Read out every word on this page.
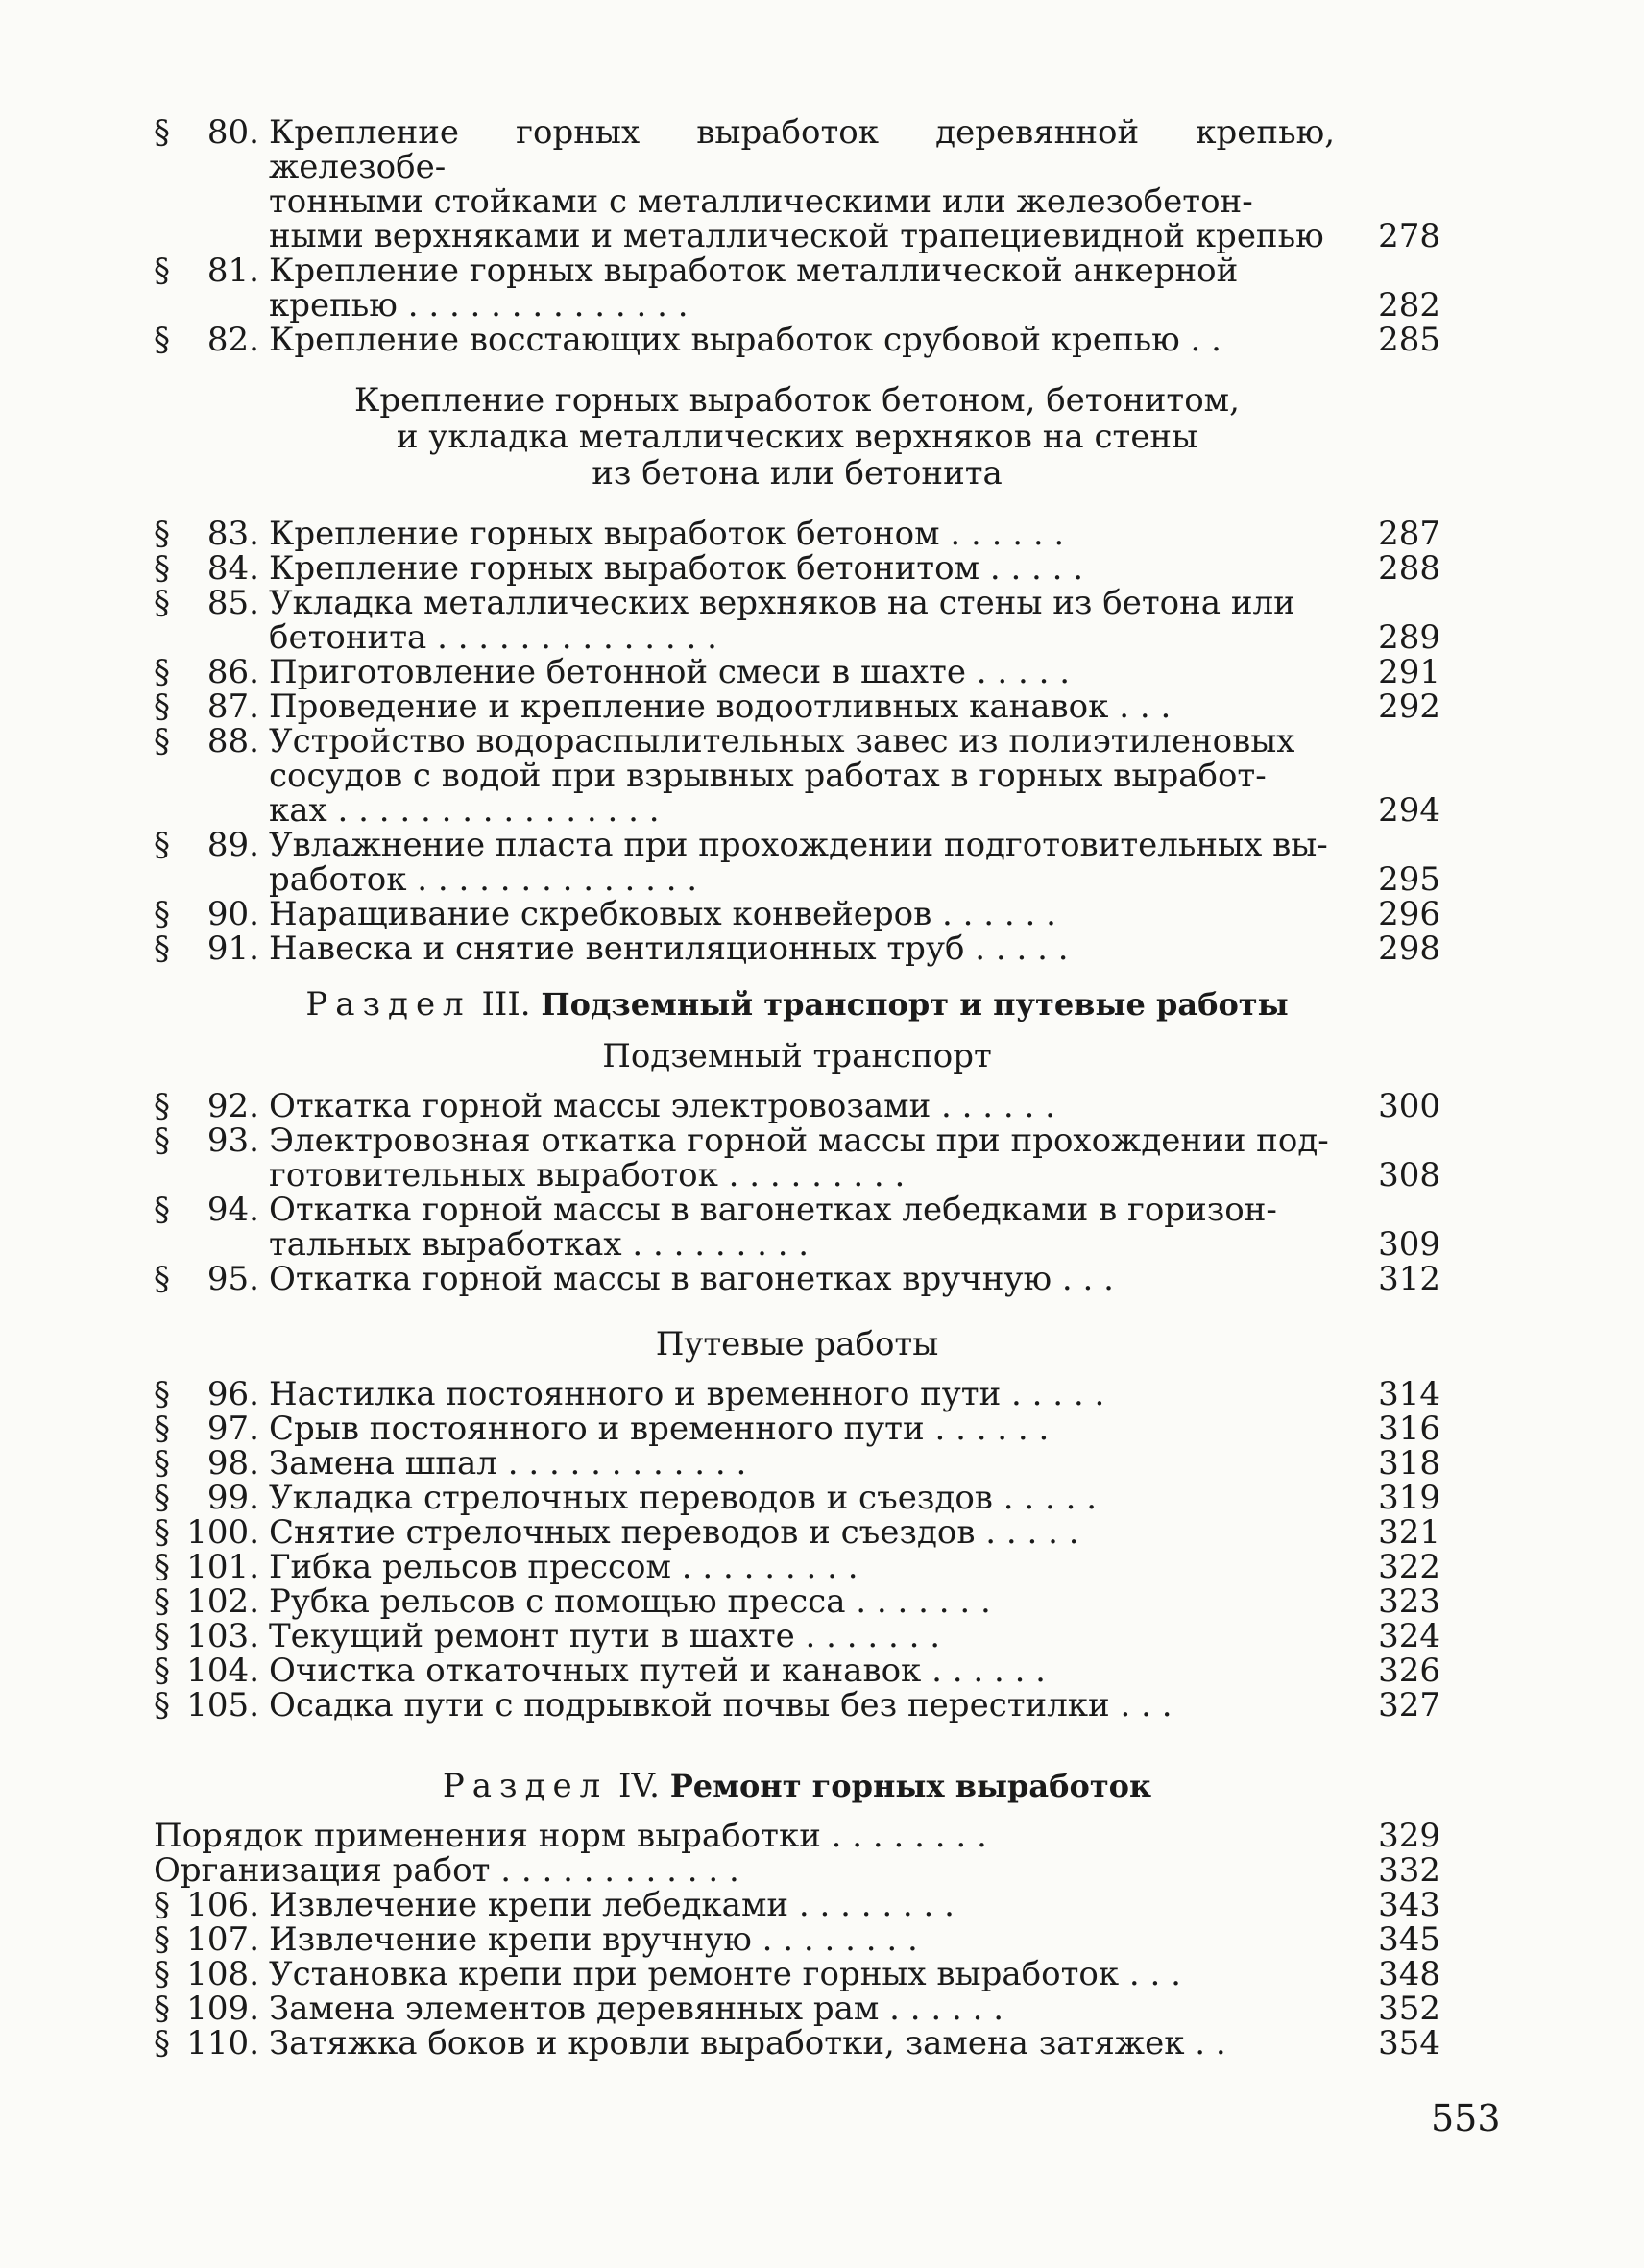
§	80. Крепление горных выработок деревянной крепью, железобе-
тонными стойками с металлическими или железобетон-
ными верхняками и металлической трапециевидной крепью	278
§	81. Крепление горных выработок металлической анкерной
крепью . . . . . . . . . . . . . .	282
§	82. Крепление восстающих выработок срубовой крепью . .	285
Крепление горных выработок бетоном, бетонитом,
и укладка металлических верхняков на стены
из бетона или бетонита
§	83. Крепление горных выработок бетоном . . . . . .	287
§	84. Крепление горных выработок бетонитом . . . . .	288
§	85. Укладка металлических верхняков на стены из бетона или
бетонита . . . . . . . . . . . . . .	289
§	86. Приготовление бетонной смеси в шахте . . . . .	291
§	87. Проведение и крепление водоотливных канавок . . .	292
§	88. Устройство водораспылительных завес из полиэтиленовых
сосудов с водой при взрывных работах в горных выработ-
ках . . . . . . . . . . . . . . . .	294
§	89. Увлажнение пласта при прохождении подготовительных вы-
работок . . . . . . . . . . . . . .	295
§	90. Наращивание скребковых конвейеров . . . . . .	296
§	91. Навеска и снятие вентиляционных труб . . . . .	298
Раздел III. Подземный транспорт и путевые работы
Подземный транспорт
§	92. Откатка горной массы электровозами . . . . . .	300
§	93. Электровозная откатка горной массы при прохождении под-
готовительных выработок . . . . . . . . .	308
§	94. Откатка горной массы в вагонетках лебедками в горизон-
тальных выработках . . . . . . . . .	309
§	95. Откатка горной массы в вагонетках вручную . . .	312
Путевые работы
§	96. Настилка постоянного и временного пути . . . . .	314
§	97. Срыв постоянного и временного пути . . . . . .	316
§	98. Замена шпал . . . . . . . . . . . .	318
§	99. Укладка стрелочных переводов и съездов . . . . .	319
§ 100. Снятие стрелочных переводов и съездов . . . . .	321
§ 101. Гибка рельсов прессом . . . . . . . . .	322
§ 102. Рубка рельсов с помощью пресса . . . . . . .	323
§ 103. Текущий ремонт пути в шахте . . . . . . .	324
§ 104. Очистка откаточных путей и канавок . . . . . .	326
§ 105. Осадка пути с подрывкой почвы без перестилки . . .	327
Раздел IV. Ремонт горных выработок
Порядок применения норм выработки . . . . . . . .	329
Организация работ . . . . . . . . . . . .	332
§ 106. Извлечение крепи лебедками . . . . . . . .	343
§ 107. Извлечение крепи вручную . . . . . . . .	345
§ 108. Установка крепи при ремонте горных выработок . . .	348
§ 109. Замена элементов деревянных рам . . . . . .	352
§ 110. Затяжка боков и кровли выработки, замена затяжек . .	354
553
